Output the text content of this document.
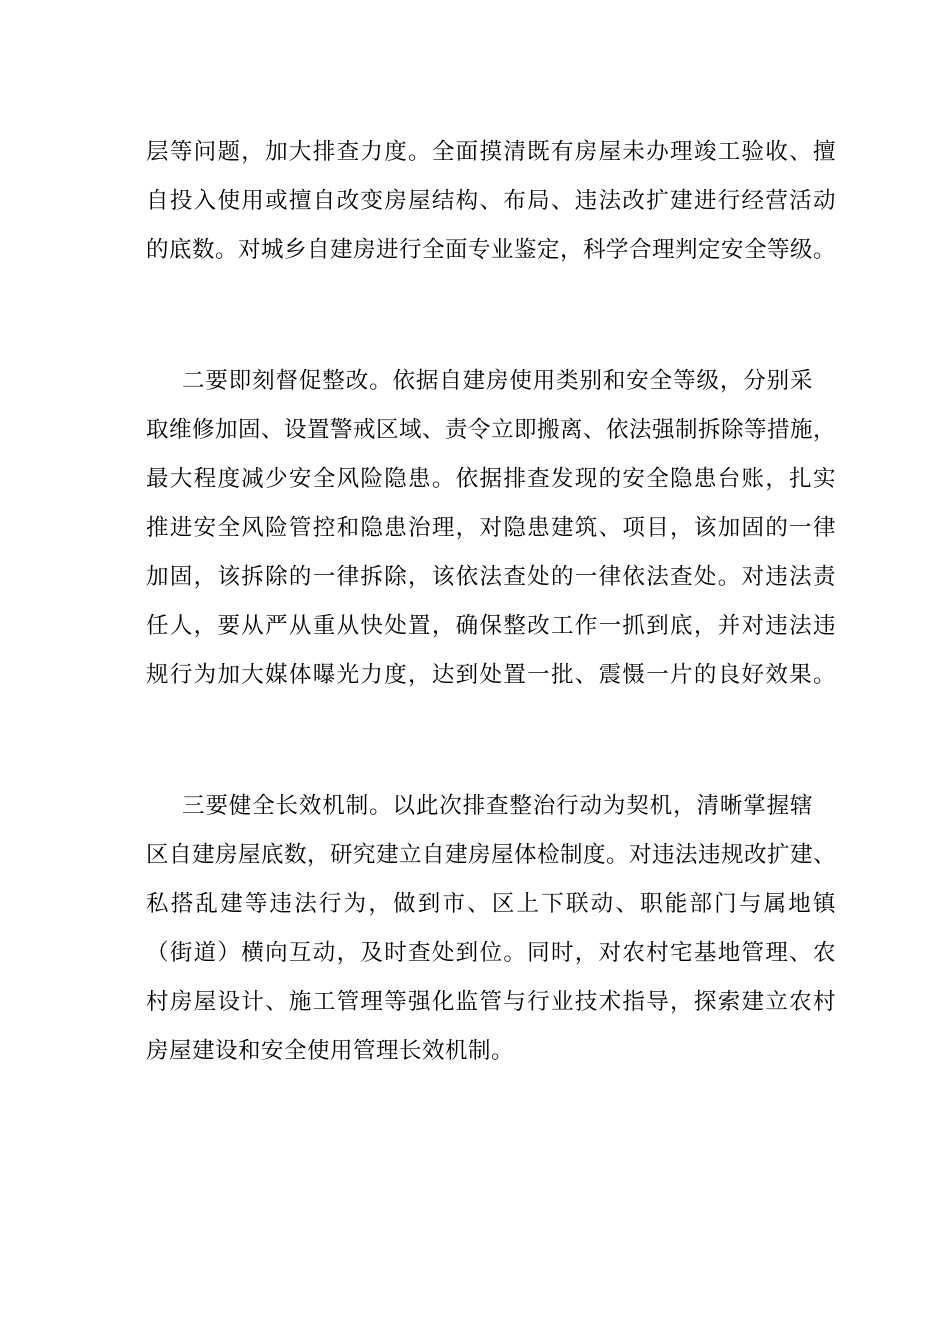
层等问题，加大排查力度。全面摸清既有房屋未办理竣工验收、擅
自投入使用或擅自改变房屋结构、布局、违法改扩建进行经营活动
的底数。对城乡自建房进行全面专业鉴定，科学合理判定安全等级。
二要即刻督促整改。依据自建房使用类别和安全等级，分别采
取维修加固、设置警戒区域、责令立即搬离、依法强制拆除等措施，
最大程度减少安全风险隐患。依据排查发现的安全隐患台账，扎实
推进安全风险管控和隐患治理，对隐患建筑、项目，该加固的一律
加固，该拆除的一律拆除，该依法查处的一律依法查处。对违法责
任人，要从严从重从快处置，确保整改工作一抓到底，并对违法违
规行为加大媒体曝光力度，达到处置一批、震慑一片的良好效果。
三要健全长效机制。以此次排查整治行动为契机，清晰掌握辖
区自建房屋底数，研究建立自建房屋体检制度。对违法违规改扩建、
私搭乱建等违法行为，做到市、区上下联动、职能部门与属地镇
（街道）横向互动，及时查处到位。同时，对农村宅基地管理、农
村房屋设计、施工管理等强化监管与行业技术指导，探索建立农村
房屋建设和安全使用管理长效机制。
